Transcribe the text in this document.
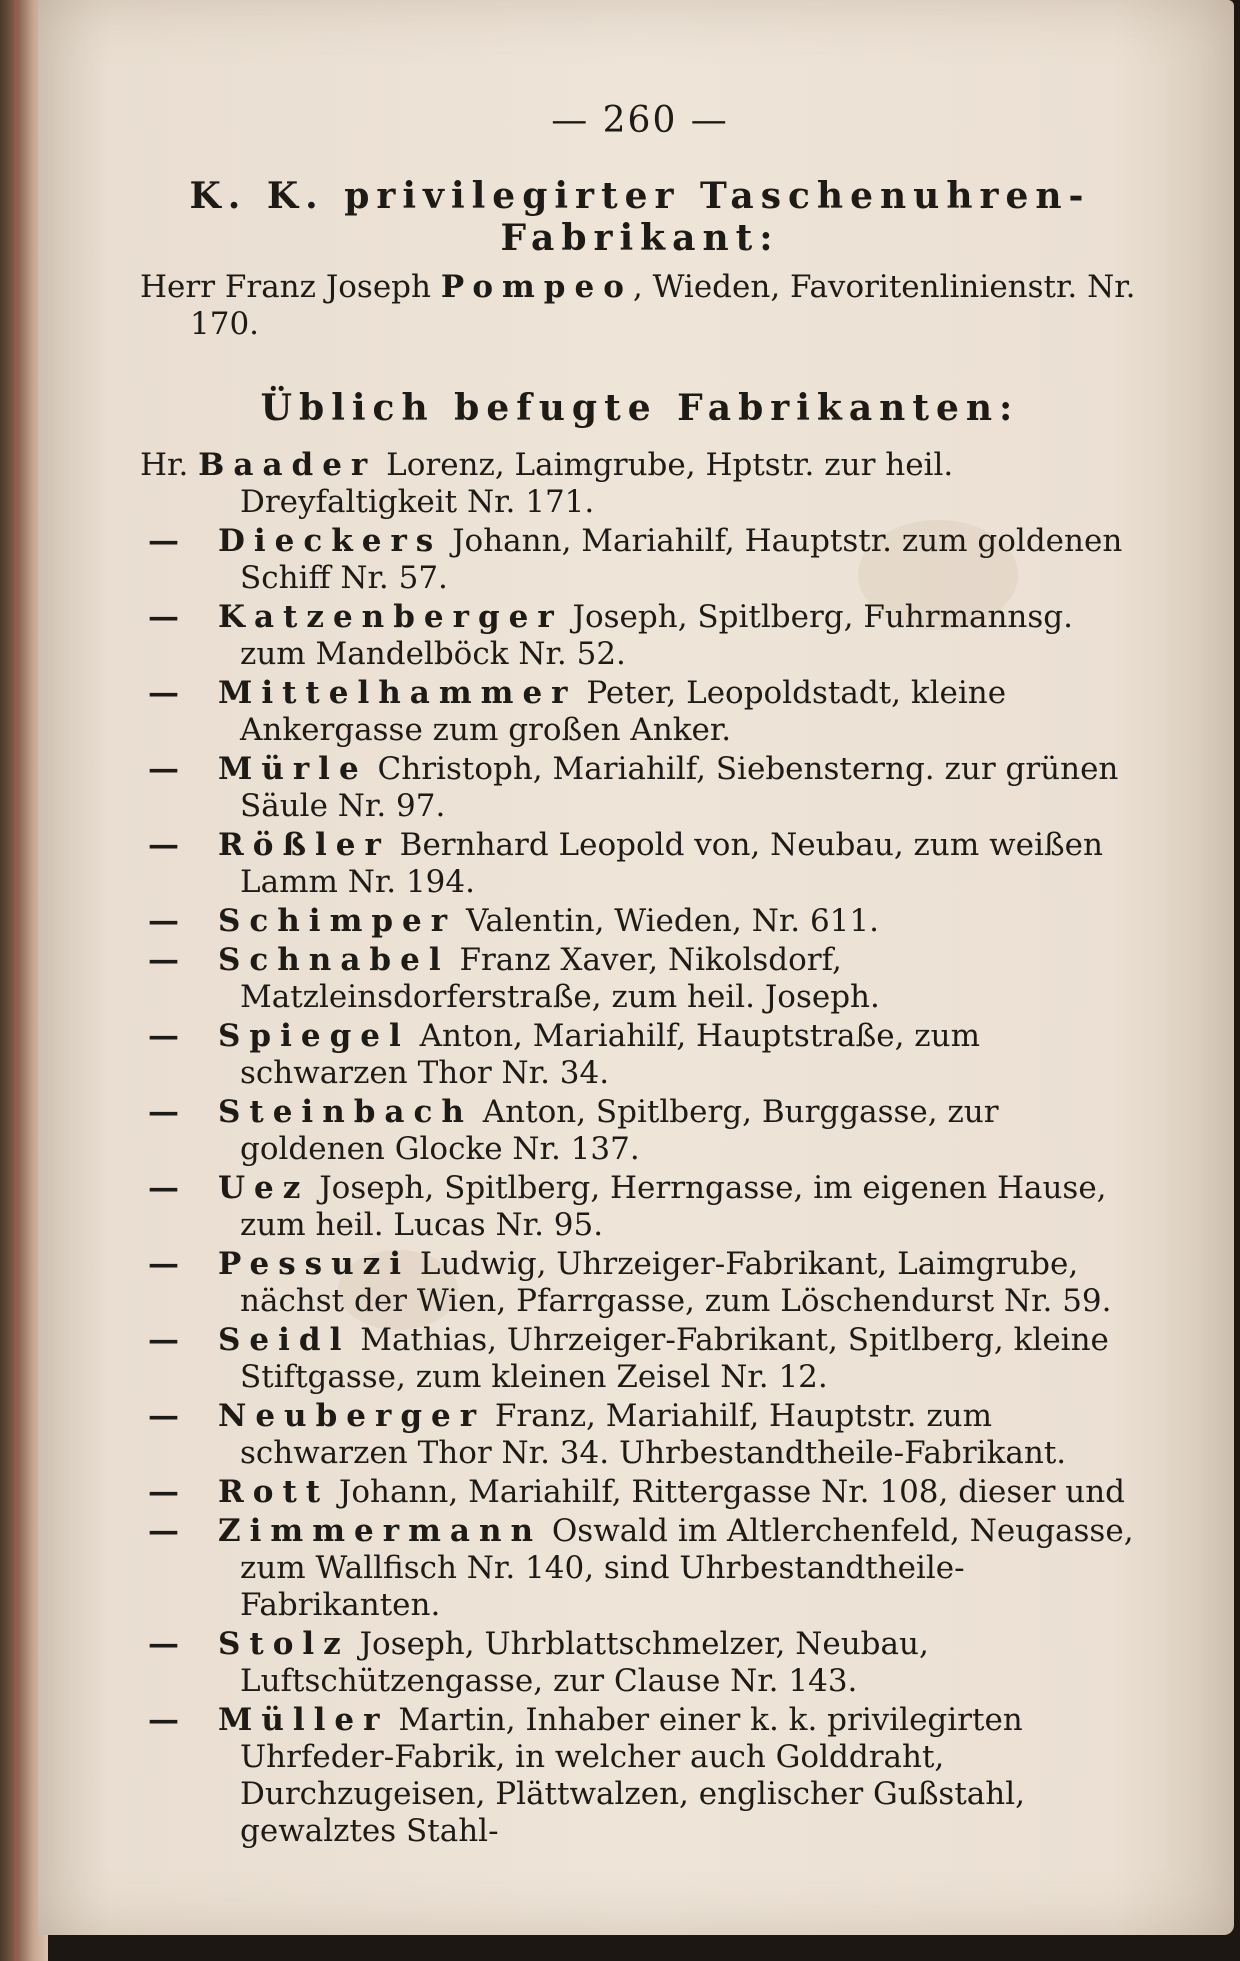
— 260 —
K. K. privilegirter Taschenuhren-Fabrikant:
Herr Franz Joseph Pompeo, Wieden, Favoritenlinienstr. Nr. 170.
Üblich befugte Fabrikanten:
Hr. Baader Lorenz, Laimgrube, Hptstr. zur heil. Dreyfaltigkeit Nr. 171.
— Dieckers Johann, Mariahilf, Hauptstr. zum goldenen Schiff Nr. 57.
— Katzenberger Joseph, Spitlberg, Fuhrmannsg. zum Mandelböck Nr. 52.
— Mittelhammer Peter, Leopoldstadt, kleine Ankergasse zum großen Anker.
— Mürle Christoph, Mariahilf, Siebensterng. zur grünen Säule Nr. 97.
— Rößler Bernhard Leopold von, Neubau, zum weißen Lamm Nr. 194.
— Schimper Valentin, Wieden, Nr. 611.
— Schnabel Franz Xaver, Nikolsdorf, Matzleinsdorferstraße, zum heil. Joseph.
— Spiegel Anton, Mariahilf, Hauptstraße, zum schwarzen Thor Nr. 34.
— Steinbach Anton, Spitlberg, Burggasse, zur goldenen Glocke Nr. 137.
— Uez Joseph, Spitlberg, Herrngasse, im eigenen Hause, zum heil. Lucas Nr. 95.
— Pessuzi Ludwig, Uhrzeiger-Fabrikant, Laimgrube, nächst der Wien, Pfarrgasse, zum Löschendurst Nr. 59.
— Seidl Mathias, Uhrzeiger-Fabrikant, Spitlberg, kleine Stiftgasse, zum kleinen Zeisel Nr. 12.
— Neuberger Franz, Mariahilf, Hauptstr. zum schwarzen Thor Nr. 34. Uhrbestandtheile-Fabrikant.
— Rott Johann, Mariahilf, Rittergasse Nr. 108, dieser und
— Zimmermann Oswald im Altlerchenfeld, Neugasse, zum Wallfisch Nr. 140, sind Uhrbestandtheile-Fabrikanten.
— Stolz Joseph, Uhrblattschmelzer, Neubau, Luftschützengasse, zur Clause Nr. 143.
— Müller Martin, Inhaber einer k. k. privilegirten Uhrfeder-Fabrik, in welcher auch Golddraht, Durchzugeisen, Plättwalzen, englischer Gußstahl, gewalztes Stahl-
